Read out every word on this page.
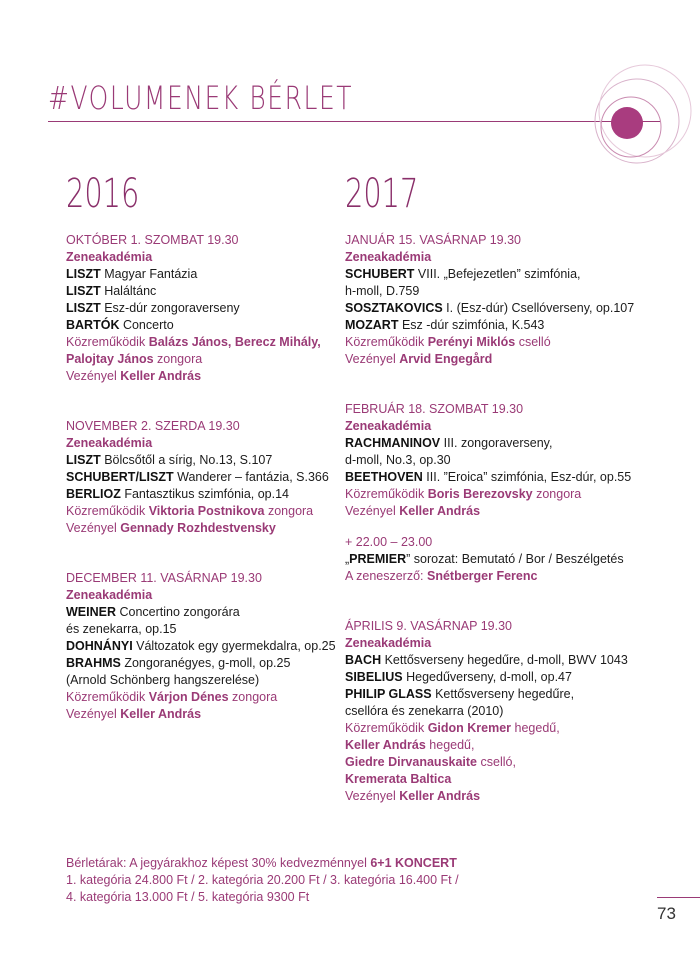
#VOLUMENEK BÉRLET
2016	2017
OKTÓBER 1. SZOMBAT 19.30
Zeneakadémia
LISZT Magyar Fantázia
LISZT Haláltánc
LISZT Esz-dúr zongoraverseny
BARTÓK Concerto
Közreműködik Balázs János, Berecz Mihály,
Palojtay János zongora
Vezényel Keller András
NOVEMBER 2. SZERDA 19.30
Zeneakadémia
LISZT Bölcsőtől a sírig, No.13, S.107
SCHUBERT/LISZT Wanderer – fantázia, S.366
BERLIOZ Fantasztikus szimfónia, op.14
Közreműködik Viktoria Postnikova zongora
Vezényel Gennady Rozhdestvensky
DECEMBER 11. VASÁRNAP 19.30
Zeneakadémia
WEINER Concertino zongorára
és zenekarra, op.15
DOHNÁNYI Változatok egy gyermekdalra, op.25
BRAHMS Zongoranégyes, g-moll, op.25
(Arnold Schönberg hangszerelése)
Közreműködik Várjon Dénes zongora
Vezényel Keller András
JANUÁR 15. VASÁRNAP 19.30
Zeneakadémia
SCHUBERT VIII. „Befejezetlen” szimfónia,
h-moll, D.759
SOSZTAKOVICS I. (Esz-dúr) Csellóverseny, op.107
MOZART Esz -dúr szimfónia, K.543
Közreműködik Perényi Miklós cselló
Vezényel Arvid Engegård
FEBRUÁR 18. SZOMBAT 19.30
Zeneakadémia
RACHMANINOV III. zongoraverseny,
d-moll, No.3, op.30
BEETHOVEN III. ”Eroica” szimfónia, Esz-dúr, op.55
Közreműködik Boris Berezovsky zongora
Vezényel Keller András
+ 22.00 – 23.00
„PREMIER” sorozat: Bemutató / Bor / Beszélgetés
A zeneszerző: Snétberger Ferenc
ÁPRILIS 9. VASÁRNAP 19.30
Zeneakadémia
BACH Kettősverseny hegedűre, d-moll, BWV 1043
SIBELIUS Hegedűverseny, d-moll, op.47
PHILIP GLASS Kettősverseny hegedűre,
csellóra és zenekarra (2010)
Közreműködik Gidon Kremer hegedű,
Keller András hegedű,
Giedre Dirvanauskaite cselló,
Kremerata Baltica
Vezényel Keller András
Bérletárak: A jegyárakhoz képest 30% kedvezménnyel 6+1 KONCERT
1. kategória 24.800 Ft / 2. kategória 20.200 Ft / 3. kategória 16.400 Ft /
4. kategória 13.000 Ft / 5. kategória 9300 Ft
73
